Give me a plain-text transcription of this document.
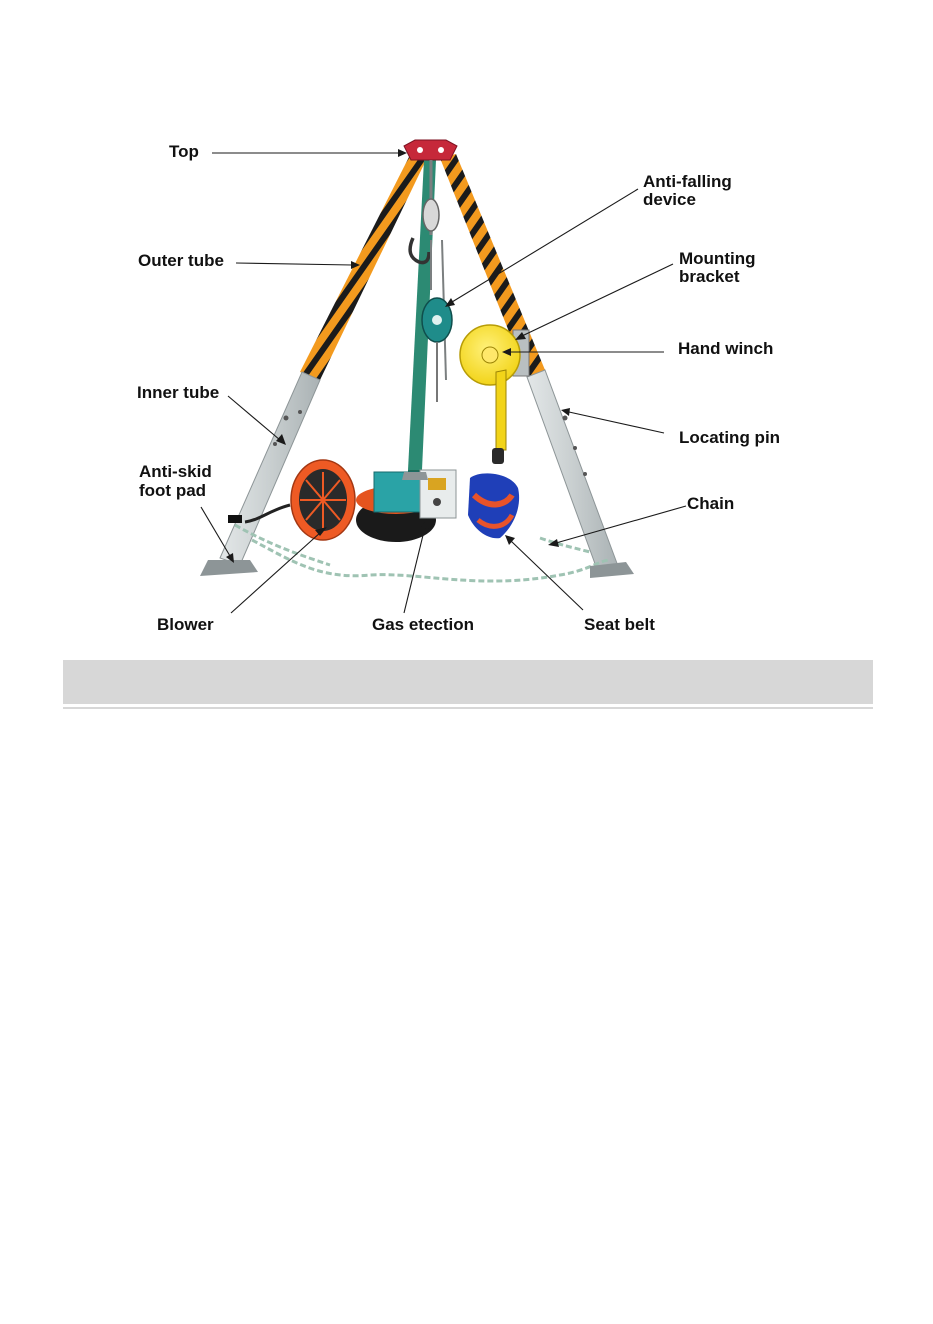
Top
Outer tube
Inner tube
Anti-skid
foot pad
Blower	Gas etection	Seat belt
Chain
Locating pin
Hand winch
Mounting
bracket
Anti-falling
device
